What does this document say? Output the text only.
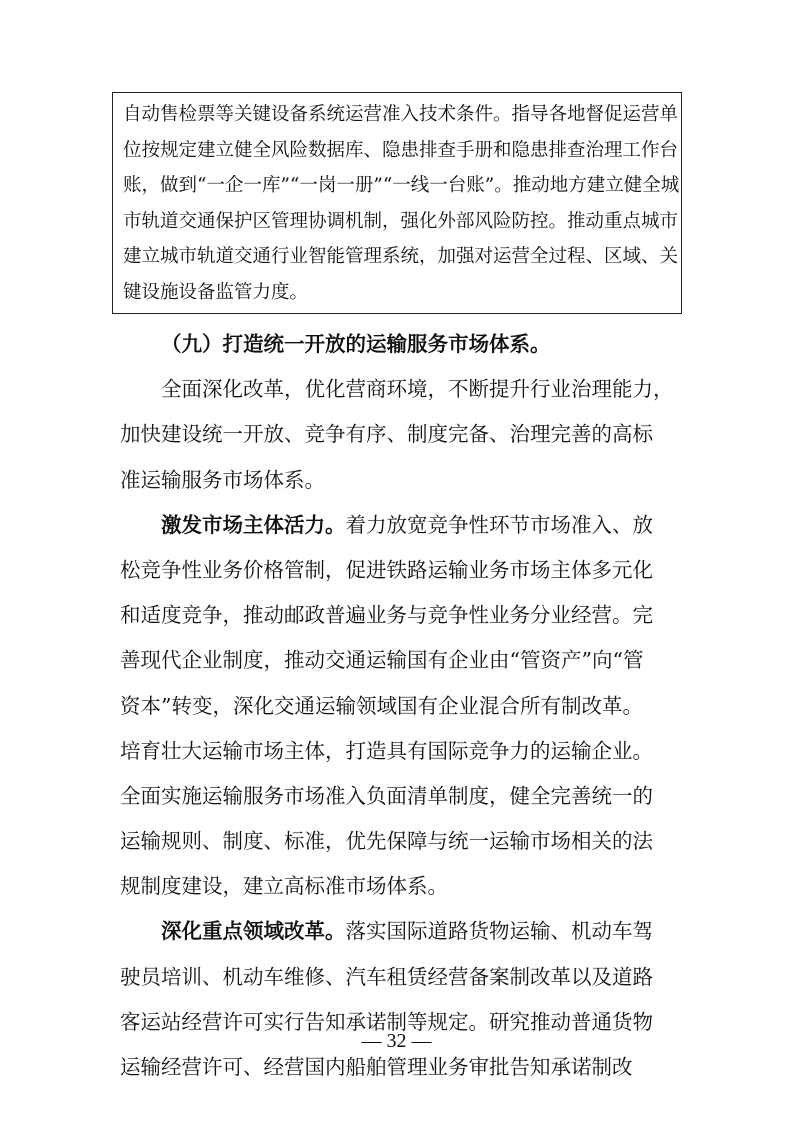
自动售检票等关键设备系统运营准入技术条件。指导各地督促运营单
位按规定建立健全风险数据库、隐患排查手册和隐患排查治理工作台
账，做到“一企一库”“一岗一册”“一线一台账”。推动地方建立健全城
市轨道交通保护区管理协调机制，强化外部风险防控。推动重点城市
建立城市轨道交通行业智能管理系统，加强对运营全过程、区域、关
键设施设备监管力度。
（九）打造统一开放的运输服务市场体系。
全面深化改革，优化营商环境，不断提升行业治理能力，
加快建设统一开放、竞争有序、制度完备、治理完善的高标
准运输服务市场体系。
激发市场主体活力。着力放宽竞争性环节市场准入、放
松竞争性业务价格管制，促进铁路运输业务市场主体多元化
和适度竞争，推动邮政普遍业务与竞争性业务分业经营。完
善现代企业制度，推动交通运输国有企业由“管资产”向“管
资本”转变，深化交通运输领域国有企业混合所有制改革。
培育壮大运输市场主体，打造具有国际竞争力的运输企业。
全面实施运输服务市场准入负面清单制度，健全完善统一的
运输规则、制度、标准，优先保障与统一运输市场相关的法
规制度建设，建立高标准市场体系。
深化重点领域改革。落实国际道路货物运输、机动车驾
驶员培训、机动车维修、汽车租赁经营备案制改革以及道路
客运站经营许可实行告知承诺制等规定。研究推动普通货物
运输经营许可、经营国内船舶管理业务审批告知承诺制改
— 32 —
